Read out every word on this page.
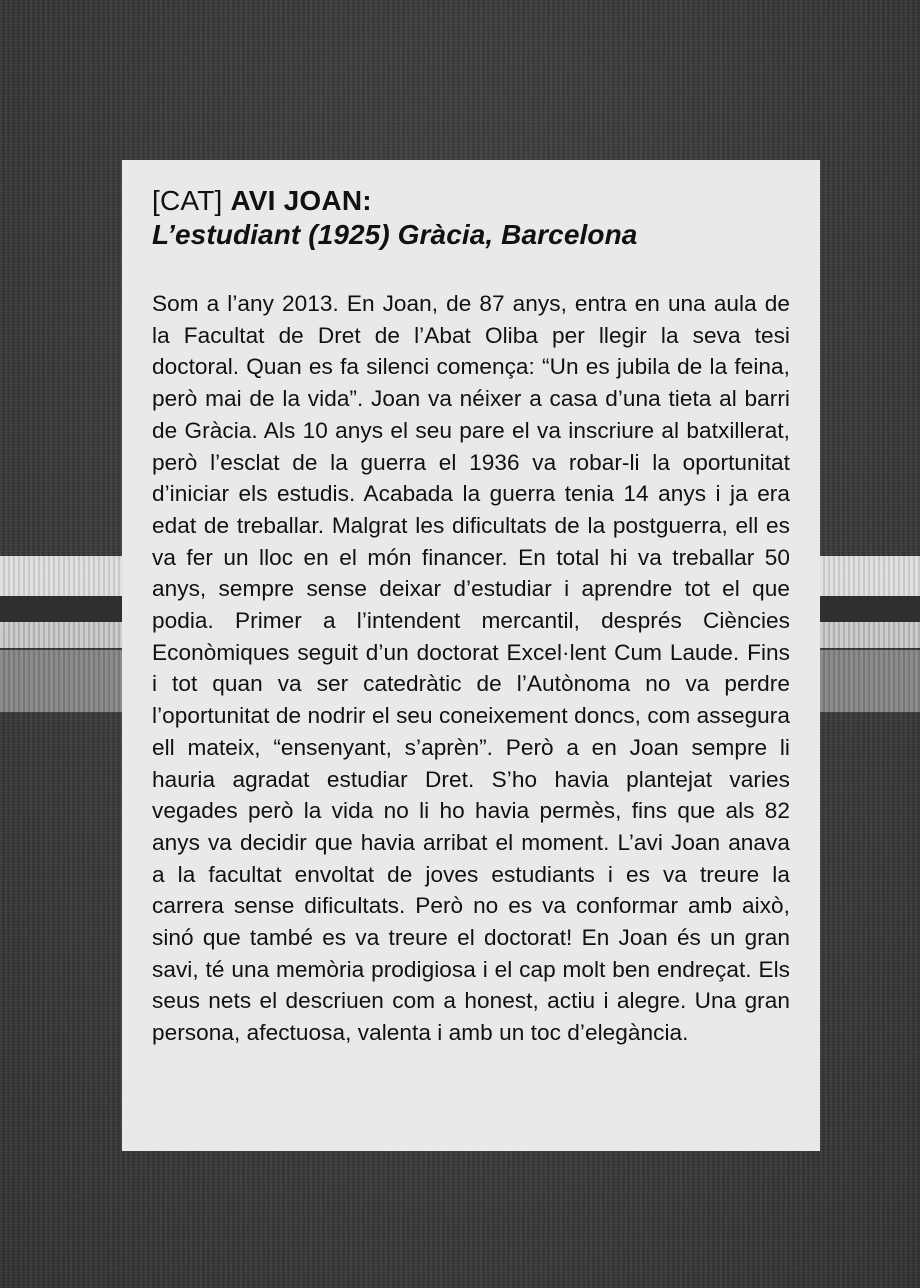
[CAT] AVI JOAN:

L’estudiant (1925) Gràcia, Barcelona

Som a l’any 2013. En Joan, de 87 anys, entra en una aula de la Facultat de Dret de l’Abat Oliba per llegir la seva tesi doctoral. Quan es fa silenci comença: “Un es jubila de la feina, però mai de la vida”. Joan va néixer a casa d’una tieta al barri de Gràcia. Als 10 anys el seu pare el va inscriure al batxillerat, però l’esclat de la guerra el 1936 va robar-li la oportunitat d’iniciar els estudis. Acabada la guerra tenia 14 anys i ja era edat de treballar. Malgrat les dificultats de la postguerra, ell es va fer un lloc en el món financer. En total hi va treballar 50 anys, sempre sense deixar d’estudiar i aprendre tot el que podia. Primer a l’intendent mercantil, després Ciències Econòmiques seguit d’un doctorat Excel·lent Cum Laude. Fins i tot quan va ser catedràtic de l’Autònoma no va perdre l’oportunitat de nodrir el seu coneixement doncs, com assegura ell mateix, “ensenyant, s’aprèn”. Però a en Joan sempre li hauria agradat estudiar Dret. S’ho havia plantejat varies vegades però la vida no li ho havia permès, fins que als 82 anys va decidir que havia arribat el moment. L’avi Joan anava a la facultat envoltat de joves estudiants i es va treure la carrera sense dificultats. Però no es va conformar amb això, sinó que també es va treure el doctorat! En Joan és un gran savi, té una memòria prodigiosa i el cap molt ben endreçat. Els seus nets el descriuen com a honest, actiu i alegre. Una gran persona, afectuosa, valenta i amb un toc d’elegància.
